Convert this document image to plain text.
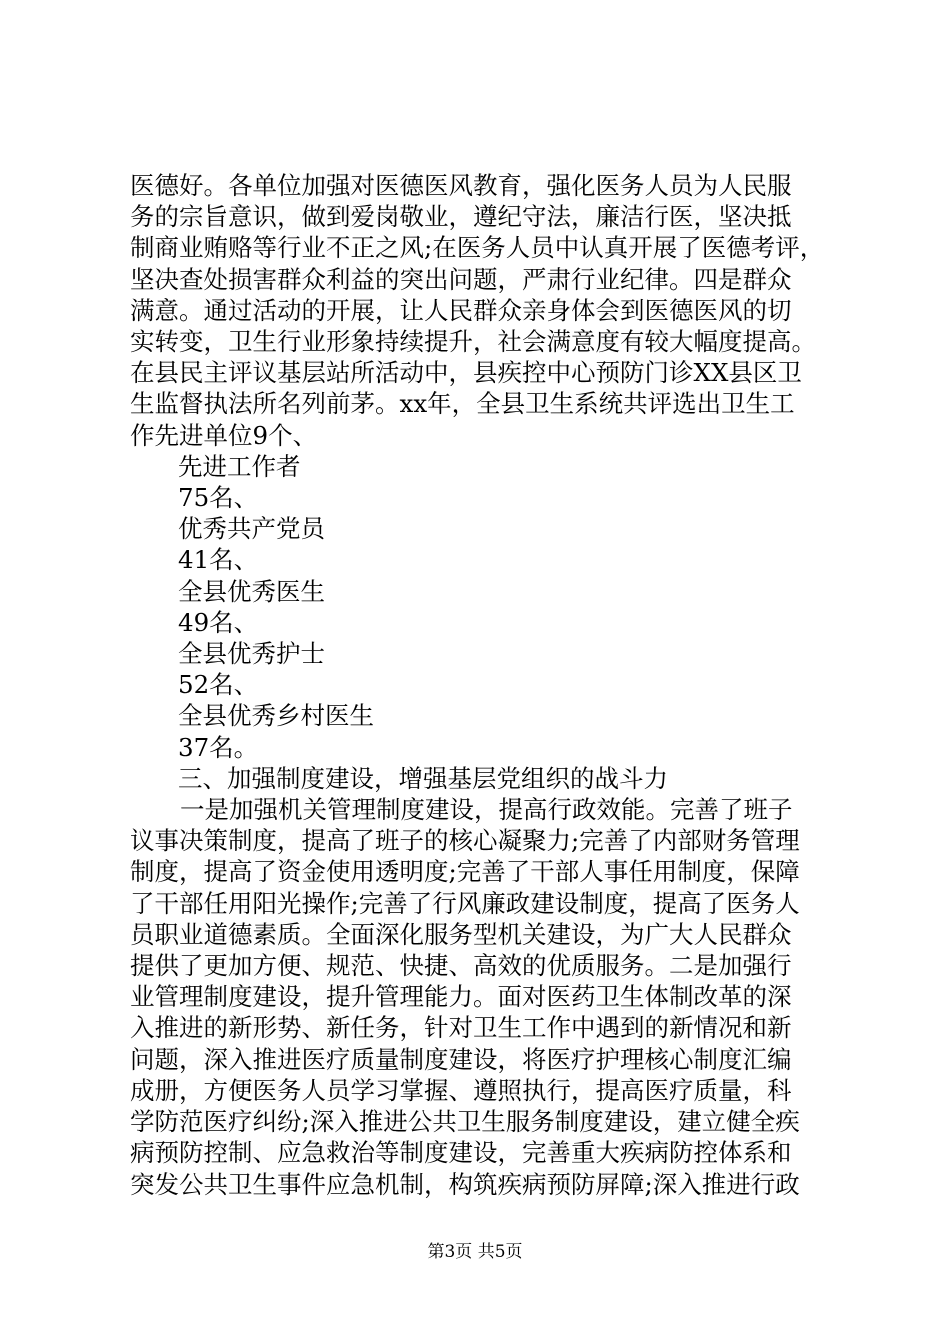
医德好。各单位加强对医德医风教育，强化医务人员为人民服

务的宗旨意识，做到爱岗敬业，遵纪守法，廉洁行医，坚决抵

制商业贿赂等行业不正之风;在医务人员中认真开展了医德考评，

坚决查处损害群众利益的突出问题，严肃行业纪律。四是群众

满意。通过活动的开展，让人民群众亲身体会到医德医风的切

实转变，卫生行业形象持续提升，社会满意度有较大幅度提高。

在县民主评议基层站所活动中，县疾控中心预防门诊XX县区卫

生监督执法所名列前茅。xx年，全县卫生系统共评选出卫生工

作先进单位9个、

先进工作者

75名、

优秀共产党员

41名、

全县优秀医生

49名、

全县优秀护士

52名、

全县优秀乡村医生

37名。

三、加强制度建设，增强基层党组织的战斗力

一是加强机关管理制度建设，提高行政效能。完善了班子

议事决策制度，提高了班子的核心凝聚力;完善了内部财务管理

制度，提高了资金使用透明度;完善了干部人事任用制度，保障

了干部任用阳光操作;完善了行风廉政建设制度，提高了医务人

员职业道德素质。全面深化服务型机关建设，为广大人民群众

提供了更加方便、规范、快捷、高效的优质服务。二是加强行

业管理制度建设，提升管理能力。面对医药卫生体制改革的深

入推进的新形势、新任务，针对卫生工作中遇到的新情况和新

问题，深入推进医疗质量制度建设，将医疗护理核心制度汇编

成册，方便医务人员学习掌握、遵照执行，提高医疗质量，科

学防范医疗纠纷;深入推进公共卫生服务制度建设，建立健全疾

病预防控制、应急救治等制度建设，完善重大疾病防控体系和

突发公共卫生事件应急机制，构筑疾病预防屏障;深入推进行政

第3页 共5页
